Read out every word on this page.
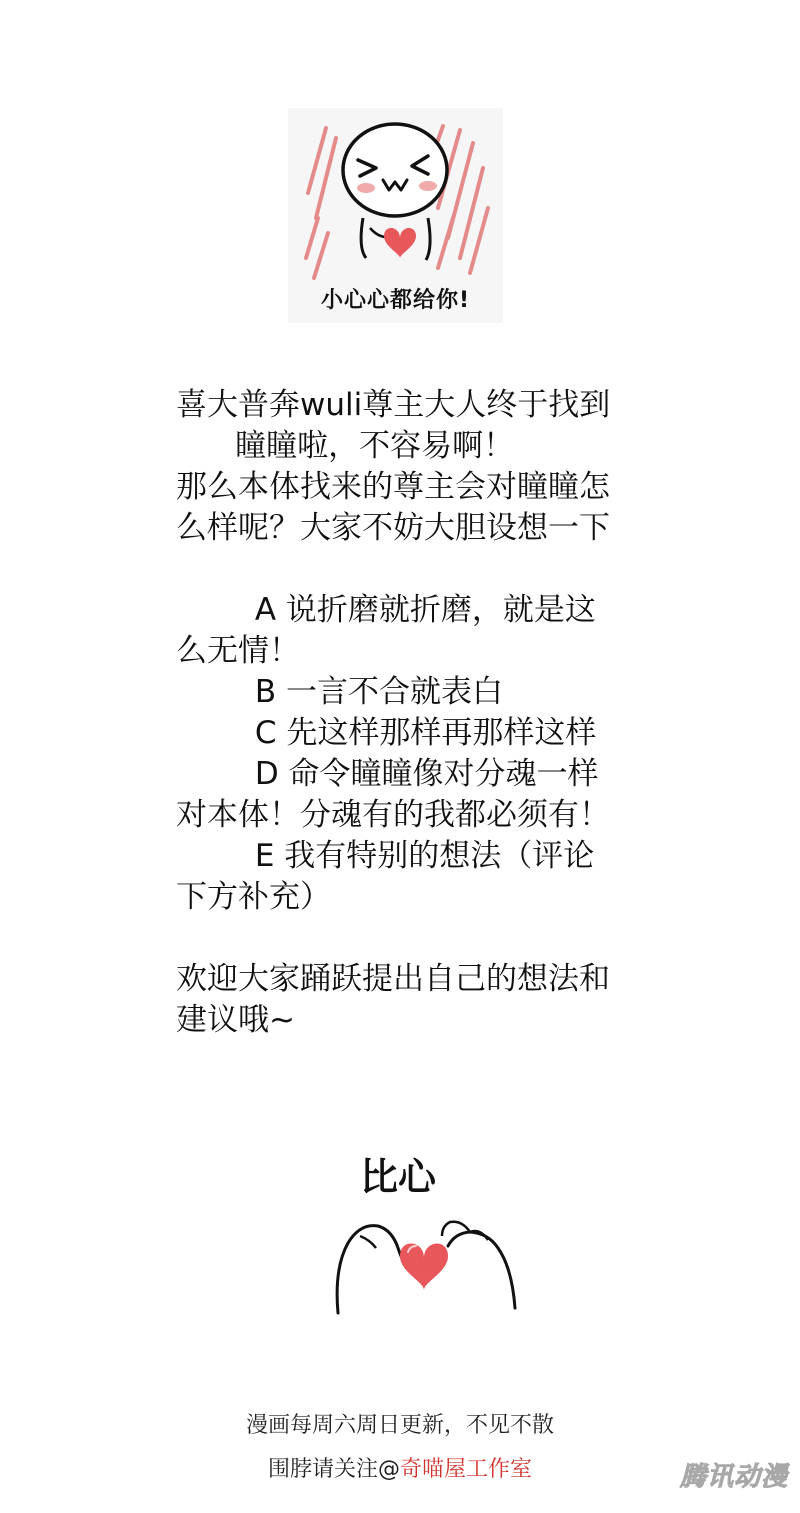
小心心都给你!
喜大普奔wuli尊主大人终于找到
瞳瞳啦，不容易啊！
那么本体找来的尊主会对瞳瞳怎
么样呢？大家不妨大胆设想一下
A 说折磨就折磨，就是这
么无情！
B 一言不合就表白
C 先这样那样再那样这样
D 命令瞳瞳像对分魂一样
对本体！分魂有的我都必须有！
E 我有特别的想法（评论
下方补充）
欢迎大家踊跃提出自己的想法和
建议哦~
比心
漫画每周六周日更新，不见不散
围脖请关注@奇喵屋工作室	腾讯动漫
